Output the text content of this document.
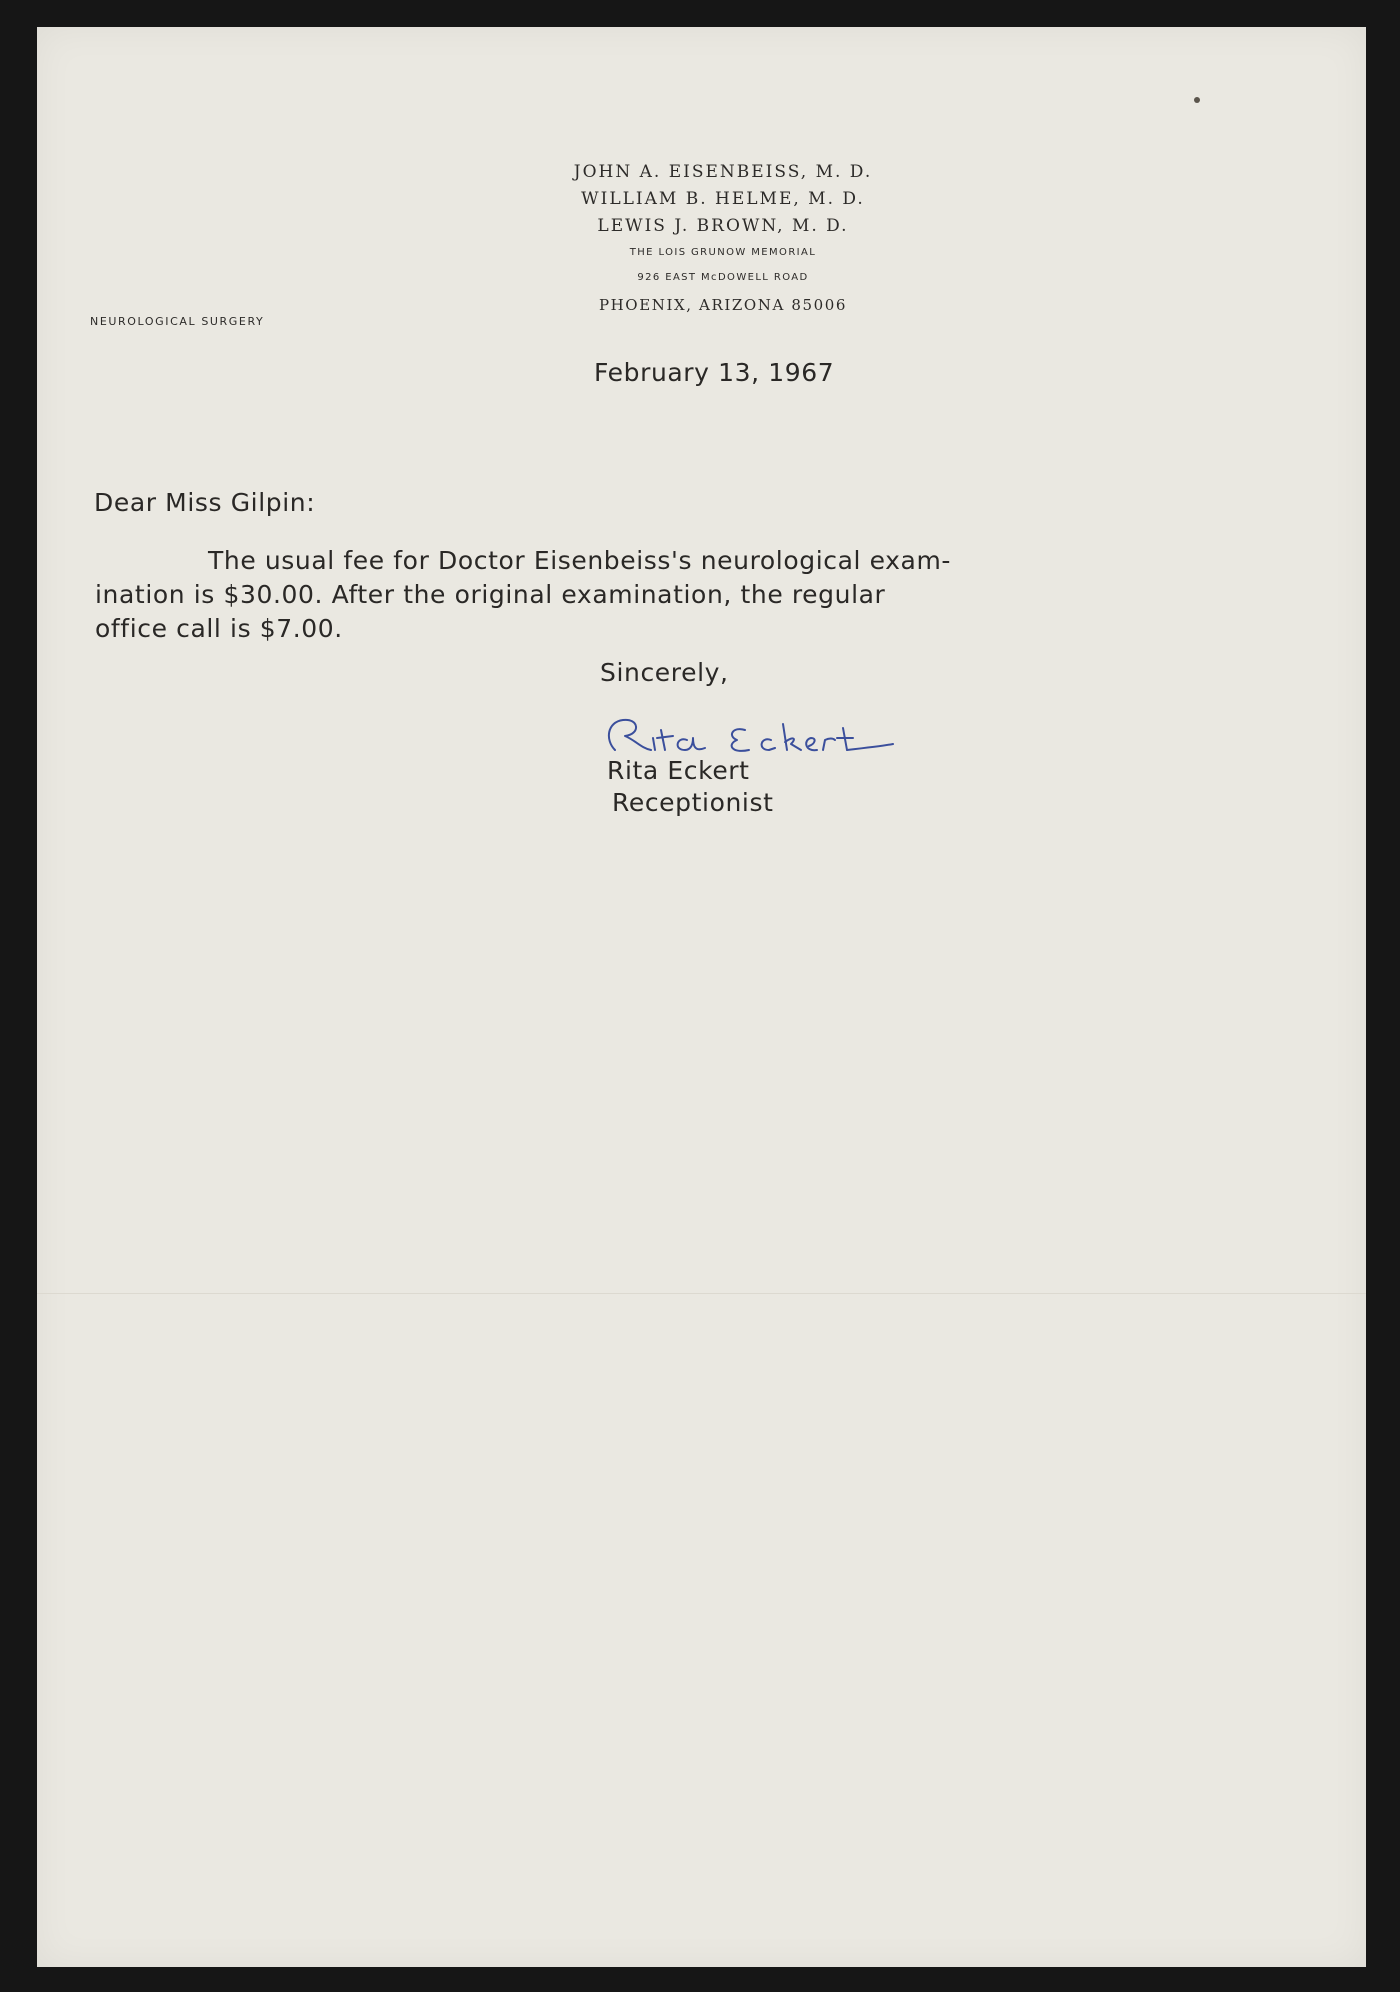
JOHN A. EISENBEISS, M. D.
WILLIAM B. HELME, M. D.
LEWIS J. BROWN, M. D.
THE LOIS GRUNOW MEMORIAL
926 EAST McDOWELL ROAD
PHOENIX, ARIZONA 85006
NEUROLOGICAL SURGERY
February 13, 1967
Dear Miss Gilpin:
The usual fee for Doctor Eisenbeiss's neurological exam-
ination is $30.00. After the original examination, the regular
office call is $7.00.
Sincerely,
Rita Eckert
Receptionist
